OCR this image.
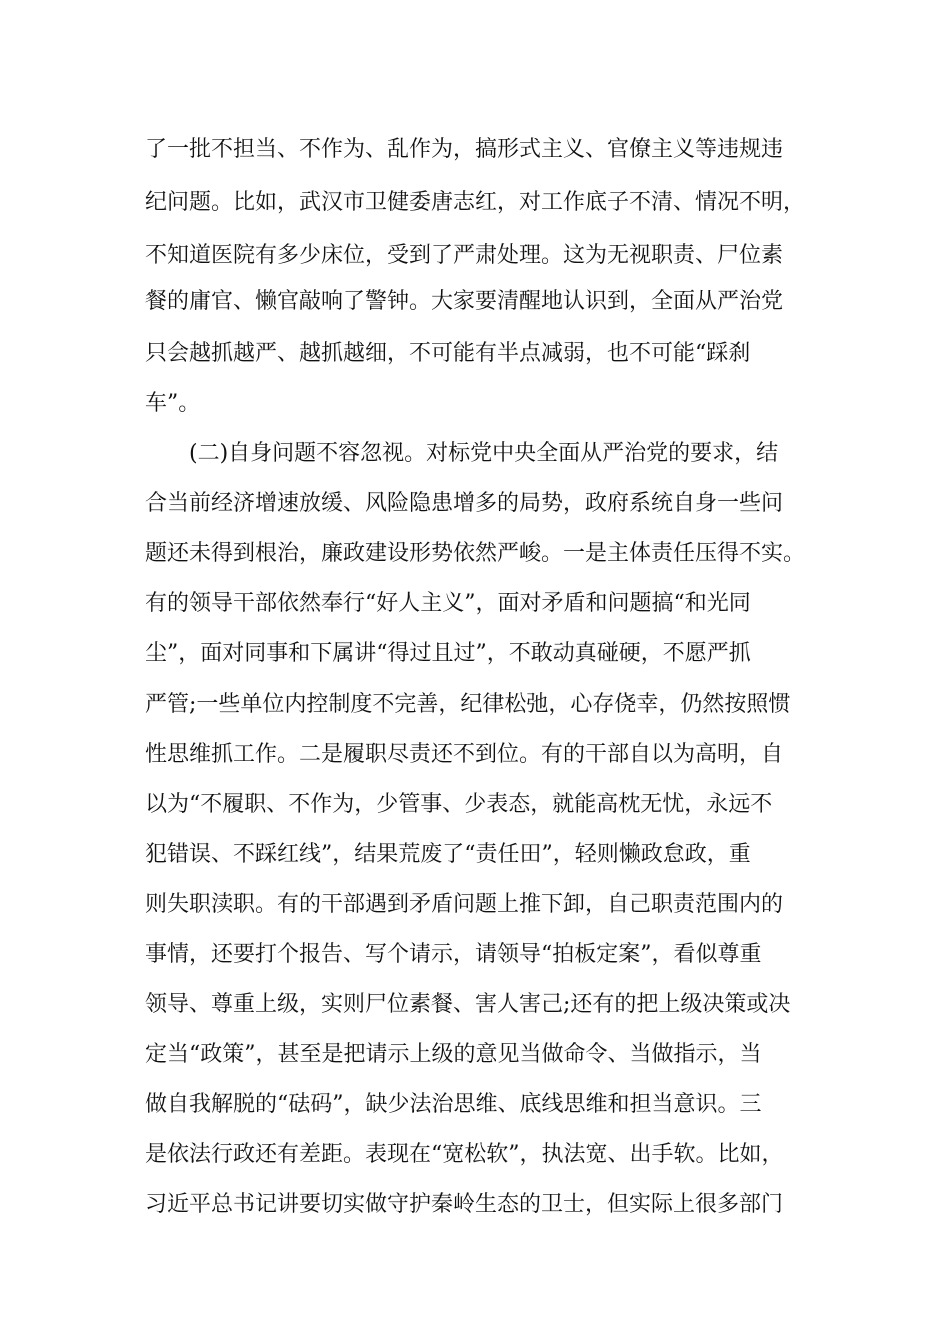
了一批不担当、不作为、乱作为，搞形式主义、官僚主义等违规违
纪问题。比如，武汉市卫健委唐志红，对工作底子不清、情况不明，
不知道医院有多少床位，受到了严肃处理。这为无视职责、尸位素
餐的庸官、懒官敲响了警钟。大家要清醒地认识到，全面从严治党
只会越抓越严、越抓越细，不可能有半点减弱，也不可能“踩刹
车”。
(二)自身问题不容忽视。对标党中央全面从严治党的要求，结
合当前经济增速放缓、风险隐患增多的局势，政府系统自身一些问
题还未得到根治，廉政建设形势依然严峻。一是主体责任压得不实。
有的领导干部依然奉行“好人主义”，面对矛盾和问题搞“和光同
尘”，面对同事和下属讲“得过且过”，不敢动真碰硬，不愿严抓
严管;一些单位内控制度不完善，纪律松弛，心存侥幸，仍然按照惯
性思维抓工作。二是履职尽责还不到位。有的干部自以为高明，自
以为“不履职、不作为，少管事、少表态，就能高枕无忧，永远不
犯错误、不踩红线”，结果荒废了“责任田”，轻则懒政怠政，重
则失职渎职。有的干部遇到矛盾问题上推下卸，自己职责范围内的
事情，还要打个报告、写个请示，请领导“拍板定案”，看似尊重
领导、尊重上级，实则尸位素餐、害人害己;还有的把上级决策或决
定当“政策”，甚至是把请示上级的意见当做命令、当做指示，当
做自我解脱的“砝码”，缺少法治思维、底线思维和担当意识。三
是依法行政还有差距。表现在“宽松软”，执法宽、出手软。比如，
习近平总书记讲要切实做守护秦岭生态的卫士，但实际上很多部门
